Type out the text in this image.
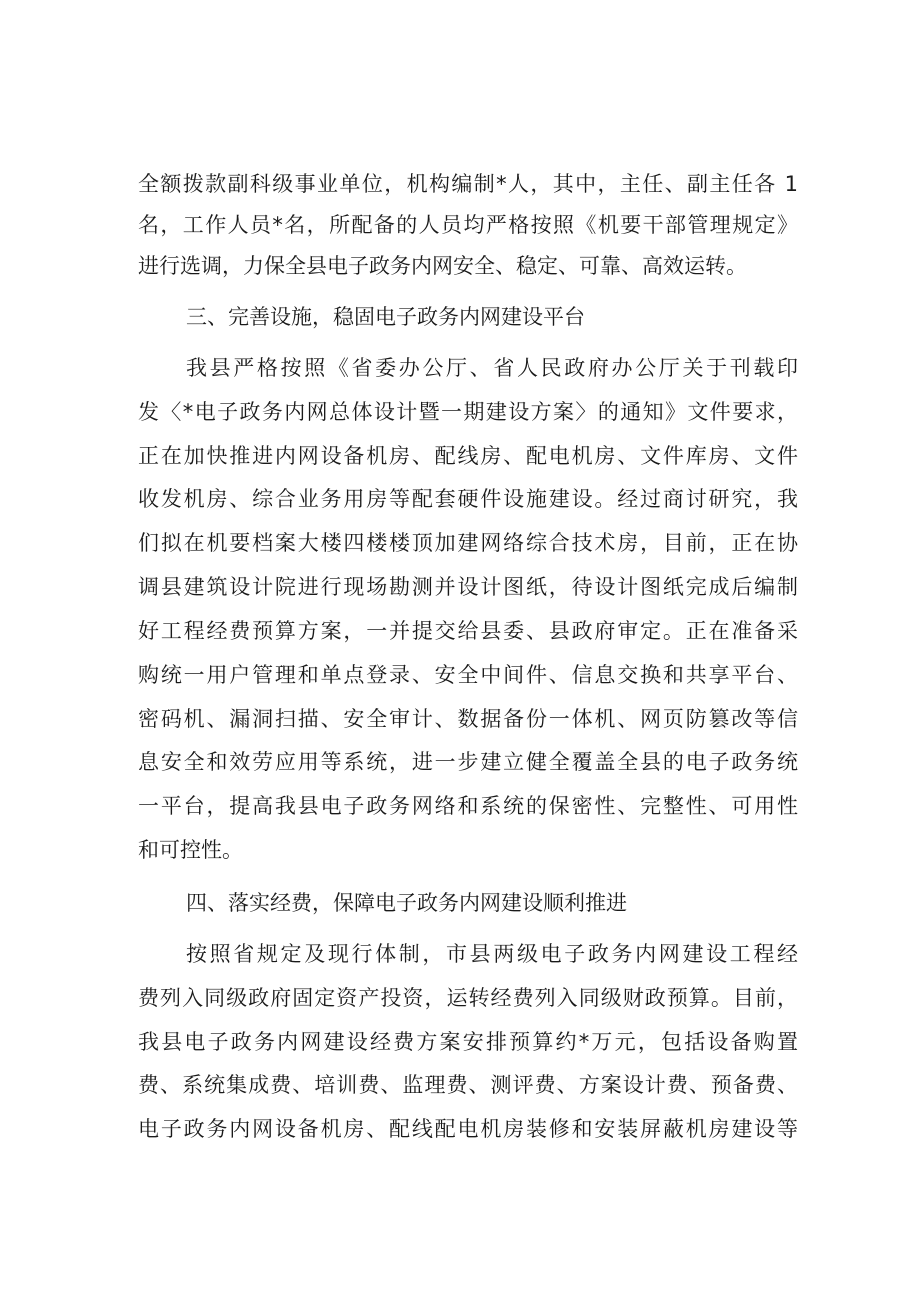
全额拨款副科级事业单位，机构编制*人，其中，主任、副主任各 1
名，工作人员*名，所配备的人员均严格按照《机要干部管理规定》
进行选调，力保全县电子政务内网安全、稳定、可靠、高效运转。
三、完善设施，稳固电子政务内网建设平台
我县严格按照《省委办公厅、省人民政府办公厅关于刊载印
发〈*电子政务内网总体设计暨一期建设方案〉的通知》文件要求，
正在加快推进内网设备机房、配线房、配电机房、文件库房、文件
收发机房、综合业务用房等配套硬件设施建设。经过商讨研究，我
们拟在机要档案大楼四楼楼顶加建网络综合技术房，目前，正在协
调县建筑设计院进行现场勘测并设计图纸，待设计图纸完成后编制
好工程经费预算方案，一并提交给县委、县政府审定。正在准备采
购统一用户管理和单点登录、安全中间件、信息交换和共享平台、
密码机、漏洞扫描、安全审计、数据备份一体机、网页防篡改等信
息安全和效劳应用等系统，进一步建立健全覆盖全县的电子政务统
一平台，提高我县电子政务网络和系统的保密性、完整性、可用性
和可控性。
四、落实经费，保障电子政务内网建设顺利推进
按照省规定及现行体制，市县两级电子政务内网建设工程经
费列入同级政府固定资产投资，运转经费列入同级财政预算。目前，
我县电子政务内网建设经费方案安排预算约*万元，包括设备购置
费、系统集成费、培训费、监理费、测评费、方案设计费、预备费、
电子政务内网设备机房、配线配电机房装修和安装屏蔽机房建设等
